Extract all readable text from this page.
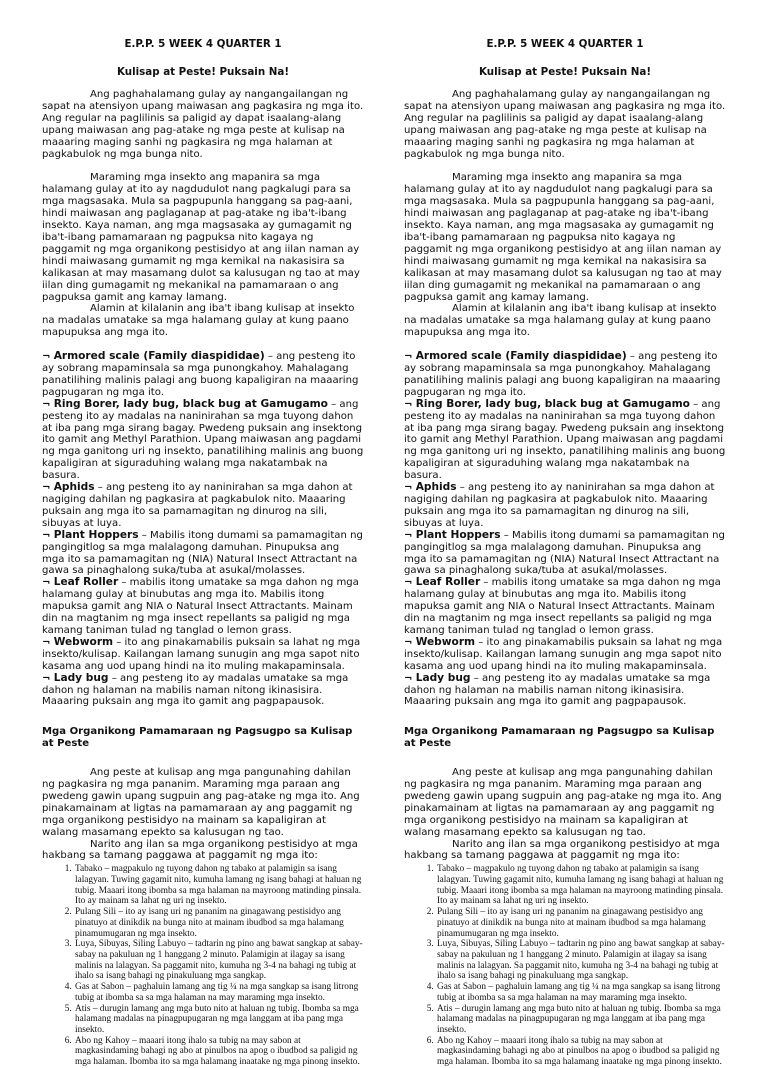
E.P.P. 5 WEEK 4 QUARTER 1
Kulisap at Peste! Puksain Na!

Ang paghahalamang gulay ay nangangailangan ng sapat na atensiyon upang maiwasan ang pagkasira ng mga ito. Ang regular na paglilinis sa paligid ay dapat isaalang-alang upang maiwasan ang pag-atake ng mga peste at kulisap na maaaring maging sanhi ng pagkasira ng mga halaman at pagkabulok ng mga bunga nito.

Maraming mga insekto ang mapanira sa mga halamang gulay at ito ay nagdudulot nang pagkalugi para sa mga magsasaka. Mula sa pagpupunla hanggang sa pag-aani, hindi maiwasan ang paglaganap at pag-atake ng iba't-ibang insekto. Kaya naman, ang mga magsasaka ay gumagamit ng iba't-ibang pamamaraan ng pagpuksa nito kagaya ng paggamit ng mga organikong pestisidyo at ang iilan naman ay hindi maiwasang gumamit ng mga kemikal na nakasisira sa kalikasan at may masamang dulot sa kalusugan ng tao at may iilan ding gumagamit ng mekanikal na pamamaraan o ang pagpuksa gamit ang kamay lamang.

Alamin at kilalanin ang iba't ibang kulisap at insekto na madalas umatake sa mga halamang gulay at kung paano mapupuksa ang mga ito.

¬ Armored scale (Family diaspididae) – ang pesteng ito ay sobrang mapaminsala sa mga punongkahoy. Mahalagang panatilihing malinis palagi ang buong kapaligiran na maaaring pagpugaran ng mga ito.

¬ Ring Borer, lady bug, black bug at Gamugamo – ang pesteng ito ay madalas na naninirahan sa mga tuyong dahon at iba pang mga sirang bagay. Pwedeng puksain ang insektong ito gamit ang Methyl Parathion. Upang maiwasan ang pagdami ng mga ganitong uri ng insekto, panatilihing malinis ang buong kapaligiran at siguraduhing walang mga nakatambak na basura.

¬ Aphids – ang pesteng ito ay naninirahan sa mga dahon at nagiging dahilan ng pagkasira at pagkabulok nito. Maaaring puksain ang mga ito sa pamamagitan ng dinurog na sili, sibuyas at luya.

¬ Plant Hoppers – Mabilis itong dumami sa pamamagitan ng pangingitlog sa mga malalagong damuhan. Pinupuksa ang mga ito sa pamamagitan ng (NIA) Natural Insect Attractant na gawa sa pinaghalong suka/tuba at asukal/molasses.

¬ Leaf Roller – mabilis itong umatake sa mga dahon ng mga halamang gulay at binubutas ang mga ito. Mabilis itong mapuksa gamit ang NIA o Natural Insect Attractants. Mainam din na magtanim ng mga insect repellants sa paligid ng mga kamang taniman tulad ng tanglad o lemon grass.

¬ Webworm – ito ang pinakamabilis puksain sa lahat ng mga insekto/kulisap. Kailangan lamang sunugin ang mga sapot nito kasama ang uod upang hindi na ito muling makapaminsala.

¬ Lady bug – ang pesteng ito ay madalas umatake sa mga dahon ng halaman na mabilis naman nitong ikinasisira. Maaaring puksain ang mga ito gamit ang pagpapausok.

Mga Organikong Pamamaraan ng Pagsugpo sa Kulisap at Peste

Ang peste at kulisap ang mga pangunahing dahilan ng pagkasira ng mga pananim. Maraming mga paraan ang pwedeng gawin upang sugpuin ang pag-atake ng mga ito. Ang pinakamainam at ligtas na pamamaraan ay ang paggamit ng mga organikong pestisidyo na mainam sa kapaligiran at walang masamang epekto sa kalusugan ng tao.

Narito ang ilan sa mga organikong pestisidyo at mga hakbang sa tamang paggawa at paggamit ng mga ito:

1. Tabako – magpakulo ng tuyong dahon ng tabako at palamigin sa isang lalagyan. Tuwing gagamit nito, kumuha lamang ng isang bahagi at haluan ng tubig. Maaari itong ibomba sa mga halaman na mayroong matinding pinsala. Ito ay mainam sa lahat ng uri ng insekto.
2. Pulang Sili – ito ay isang uri ng pananim na ginagawang pestisidyo ang pinatuyo at dinikdik na bunga nito at mainam ibudbod sa mga halamang pinamumugaran ng mga insekto.
3. Luya, Sibuyas, Siling Labuyo – tadtarin ng pino ang bawat sangkap at sabay-sabay na pakuluan ng 1 hanggang 2 minuto. Palamigin at ilagay sa isang malinis na lalagyan. Sa paggamit nito, kumuha ng 3-4 na bahagi ng tubig at ihalo sa isang bahagi ng pinakuluang mga sangkap.
4. Gas at Sabon – paghaluin lamang ang tig ¼ na mga sangkap sa isang litrong tubig at ibomba sa sa mga halaman na may maraming mga insekto.
5. Atis – durugin lamang ang mga buto nito at haluan ng tubig. Ibomba sa mga halamang madalas na pinagpupugaran ng mga langgam at iba pang mga insekto.
6. Abo ng Kahoy – maaari itong ihalo sa tubig na may sabon at magkasindaming bahagi ng abo at pinulbos na apog o ibudbod sa paligid ng mga halaman. Ibomba ito sa mga halamang inaatake ng mga pinong insekto.
E.P.P. 5 WEEK 4 QUARTER 1
Kulisap at Peste! Puksain Na!

Ang paghahalamang gulay ay nangangailangan ng sapat na atensiyon upang maiwasan ang pagkasira ng mga ito. Ang regular na paglilinis sa paligid ay dapat isaalang-alang upang maiwasan ang pag-atake ng mga peste at kulisap na maaaring maging sanhi ng pagkasira ng mga halaman at pagkabulok ng mga bunga nito.

Maraming mga insekto ang mapanira sa mga halamang gulay at ito ay nagdudulot nang pagkalugi para sa mga magsasaka. Mula sa pagpupunla hanggang sa pag-aani, hindi maiwasan ang paglaganap at pag-atake ng iba't-ibang insekto. Kaya naman, ang mga magsasaka ay gumagamit ng iba't-ibang pamamaraan ng pagpuksa nito kagaya ng paggamit ng mga organikong pestisidyo at ang iilan naman ay hindi maiwasang gumamit ng mga kemikal na nakasisira sa kalikasan at may masamang dulot sa kalusugan ng tao at may iilan ding gumagamit ng mekanikal na pamamaraan o ang pagpuksa gamit ang kamay lamang.

Alamin at kilalanin ang iba't ibang kulisap at insekto na madalas umatake sa mga halamang gulay at kung paano mapupuksa ang mga ito.

¬ Armored scale (Family diaspididae) – ang pesteng ito ay sobrang mapaminsala sa mga punongkahoy. Mahalagang panatilihing malinis palagi ang buong kapaligiran na maaaring pagpugaran ng mga ito.

¬ Ring Borer, lady bug, black bug at Gamugamo – ang pesteng ito ay madalas na naninirahan sa mga tuyong dahon at iba pang mga sirang bagay. Pwedeng puksain ang insektong ito gamit ang Methyl Parathion. Upang maiwasan ang pagdami ng mga ganitong uri ng insekto, panatilihing malinis ang buong kapaligiran at siguraduhing walang mga nakatambak na basura.

¬ Aphids – ang pesteng ito ay naninirahan sa mga dahon at nagiging dahilan ng pagkasira at pagkabulok nito. Maaaring puksain ang mga ito sa pamamagitan ng dinurog na sili, sibuyas at luya.

¬ Plant Hoppers – Mabilis itong dumami sa pamamagitan ng pangingitlog sa mga malalagong damuhan. Pinupuksa ang mga ito sa pamamagitan ng (NIA) Natural Insect Attractant na gawa sa pinaghalong suka/tuba at asukal/molasses.

¬ Leaf Roller – mabilis itong umatake sa mga dahon ng mga halamang gulay at binubutas ang mga ito. Mabilis itong mapuksa gamit ang NIA o Natural Insect Attractants. Mainam din na magtanim ng mga insect repellants sa paligid ng mga kamang taniman tulad ng tanglad o lemon grass.

¬ Webworm – ito ang pinakamabilis puksain sa lahat ng mga insekto/kulisap. Kailangan lamang sunugin ang mga sapot nito kasama ang uod upang hindi na ito muling makapaminsala.

¬ Lady bug – ang pesteng ito ay madalas umatake sa mga dahon ng halaman na mabilis naman nitong ikinasisira. Maaaring puksain ang mga ito gamit ang pagpapausok.

Mga Organikong Pamamaraan ng Pagsugpo sa Kulisap at Peste

Ang peste at kulisap ang mga pangunahing dahilan ng pagkasira ng mga pananim. Maraming mga paraan ang pwedeng gawin upang sugpuin ang pag-atake ng mga ito. Ang pinakamainam at ligtas na pamamaraan ay ang paggamit ng mga organikong pestisidyo na mainam sa kapaligiran at walang masamang epekto sa kalusugan ng tao.

Narito ang ilan sa mga organikong pestisidyo at mga hakbang sa tamang paggawa at paggamit ng mga ito:

1. Tabako – magpakulo ng tuyong dahon ng tabako at palamigin sa isang lalagyan. Tuwing gagamit nito, kumuha lamang ng isang bahagi at haluan ng tubig. Maaari itong ibomba sa mga halaman na mayroong matinding pinsala. Ito ay mainam sa lahat ng uri ng insekto.
2. Pulang Sili – ito ay isang uri ng pananim na ginagawang pestisidyo ang pinatuyo at dinikdik na bunga nito at mainam ibudbod sa mga halamang pinamumugaran ng mga insekto.
3. Luya, Sibuyas, Siling Labuyo – tadtarin ng pino ang bawat sangkap at sabay-sabay na pakuluan ng 1 hanggang 2 minuto. Palamigin at ilagay sa isang malinis na lalagyan. Sa paggamit nito, kumuha ng 3-4 na bahagi ng tubig at ihalo sa isang bahagi ng pinakuluang mga sangkap.
4. Gas at Sabon – paghaluin lamang ang tig ¼ na mga sangkap sa isang litrong tubig at ibomba sa sa mga halaman na may maraming mga insekto.
5. Atis – durugin lamang ang mga buto nito at haluan ng tubig. Ibomba sa mga halamang madalas na pinagpupugaran ng mga langgam at iba pang mga insekto.
6. Abo ng Kahoy – maaari itong ihalo sa tubig na may sabon at magkasindaming bahagi ng abo at pinulbos na apog o ibudbod sa paligid ng mga halaman. Ibomba ito sa mga halamang inaatake ng mga pinong insekto.
